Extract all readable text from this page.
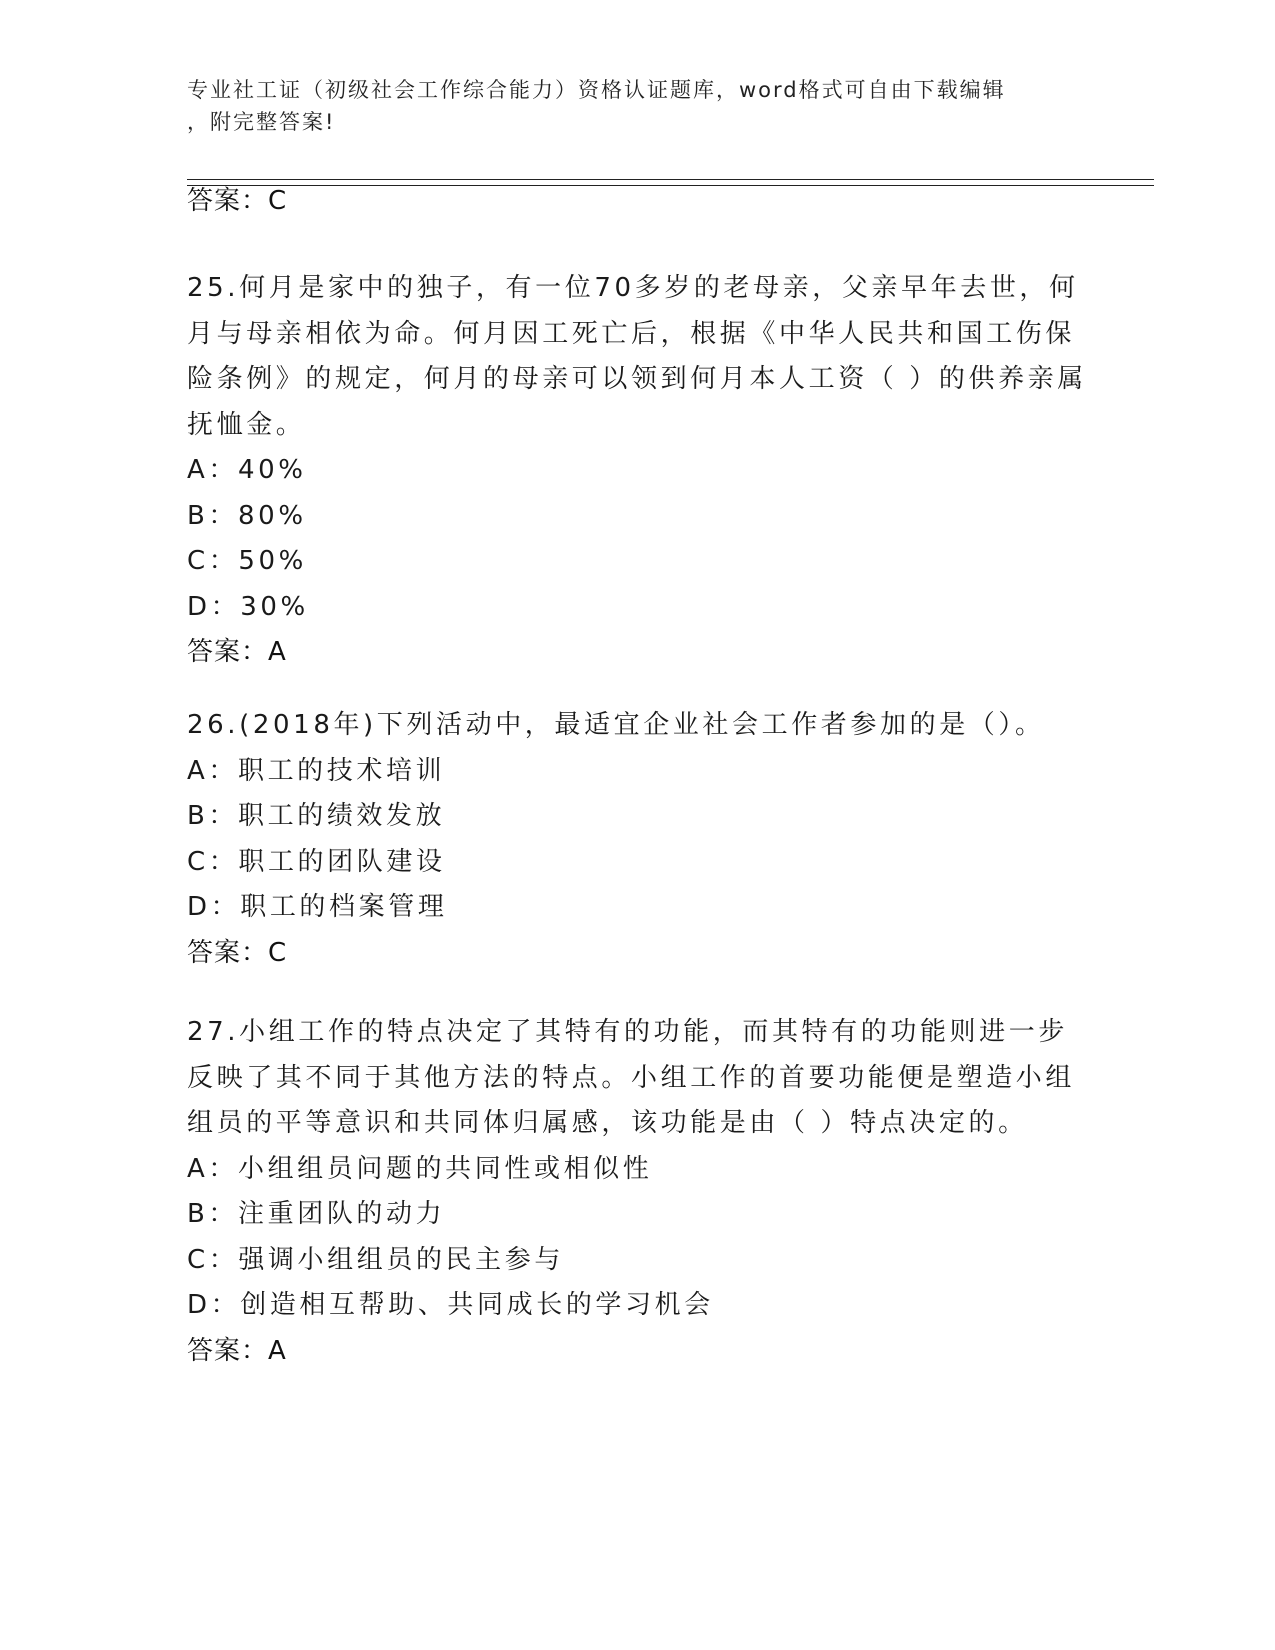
专业社工证（初级社会工作综合能力）资格认证题库，word格式可自由下载编辑
，附完整答案!
答案：C

25.何月是家中的独子，有一位70多岁的老母亲，父亲早年去世，何月与母亲相依为命。何月因工死亡后，根据《中华人民共和国工伤保险条例》的规定，何月的母亲可以领到何月本人工资（ ）的供养亲属抚恤金。

A：40%
B：80%
C：50%
D：30%

答案：A

26.(2018年)下列活动中，最适宜企业社会工作者参加的是（）。

A：职工的技术培训
B：职工的绩效发放
C：职工的团队建设
D：职工的档案管理

答案：C

27.小组工作的特点决定了其特有的功能，而其特有的功能则进一步反映了其不同于其他方法的特点。小组工作的首要功能便是塑造小组组员的平等意识和共同体归属感，该功能是由（ ）特点决定的。

A：小组组员问题的共同性或相似性
B：注重团队的动力
C：强调小组组员的民主参与
D：创造相互帮助、共同成长的学习机会

答案：A
